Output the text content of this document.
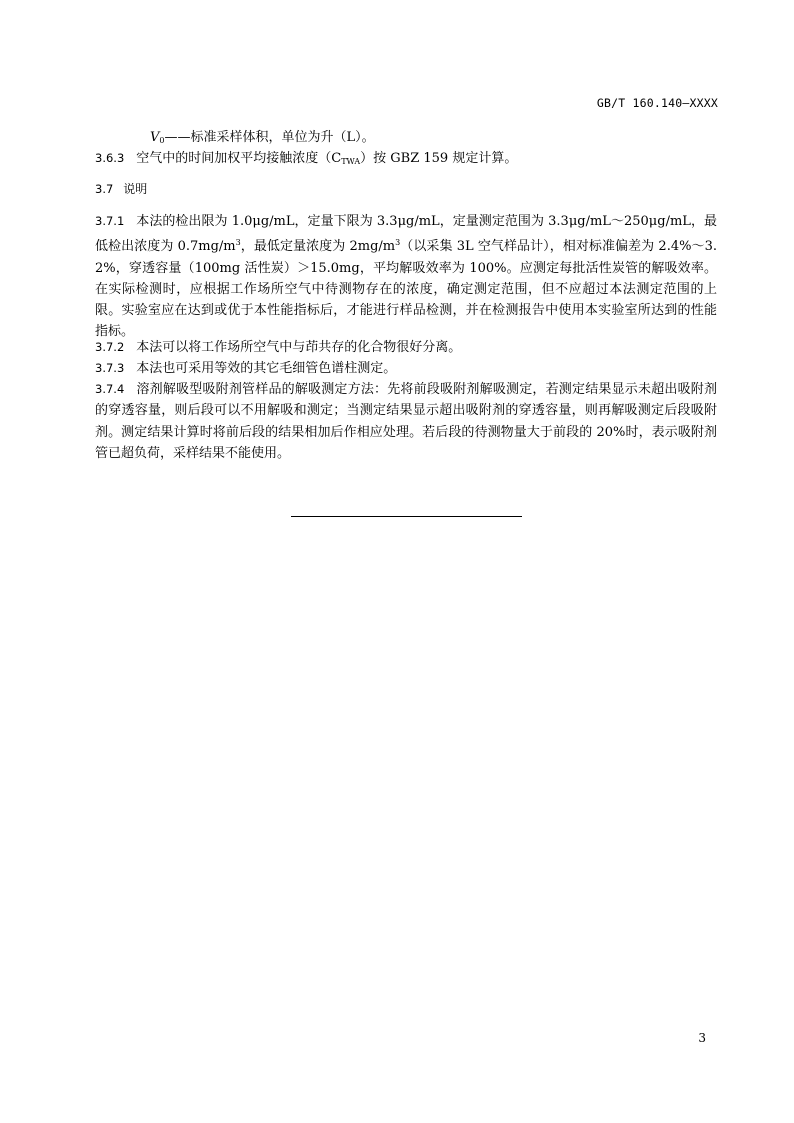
GB/T 160.140—XXXX
$V_0——$标准采样体积，单位为升（L）。
3.6.3 空气中的时间加权平均接触浓度$(C_{TWA})$按 GBZ 159 规定计算。
3.7 说明
3.7.1 本法的检出限为 1.0μg/mL，定量下限为 3.3μg/mL，定量测定范围为 3.3μg/mL～250μg/mL，最低检出浓度为 $0.7mg/m^3$，最低定量浓度为 $2mg/m^3$（以采集 3L 空气样品计），相对标准偏差为 2.4%～3.2%，穿透容量（100mg 活性炭）＞15.0mg，平均解吸效率为 100%。应测定每批活性炭管的解吸效率。在实际检测时，应根据工作场所空气中待测物存在的浓度，确定测定范围，但不应超过本法测定范围的上限。实验室应在达到或优于本性能指标后，才能进行样品检测，并在检测报告中使用本实验室所达到的性能指标。
3.7.2 本法可以将工作场所空气中与茚共存的化合物很好分离。
3.7.3 本法也可采用等效的其它毛细管色谱柱测定。
3.7.4 溶剂解吸型吸附剂管样品的解吸测定方法：先将前段吸附剂解吸测定，若测定结果显示未超出吸附剂的穿透容量，则后段可以不用解吸和测定；当测定结果显示超出吸附剂的穿透容量，则再解吸测定后段吸附剂。测定结果计算时将前后段的结果相加后作相应处理。若后段的待测物量大于前段的 20%时，表示吸附剂管已超负荷，采样结果不能使用。
3
